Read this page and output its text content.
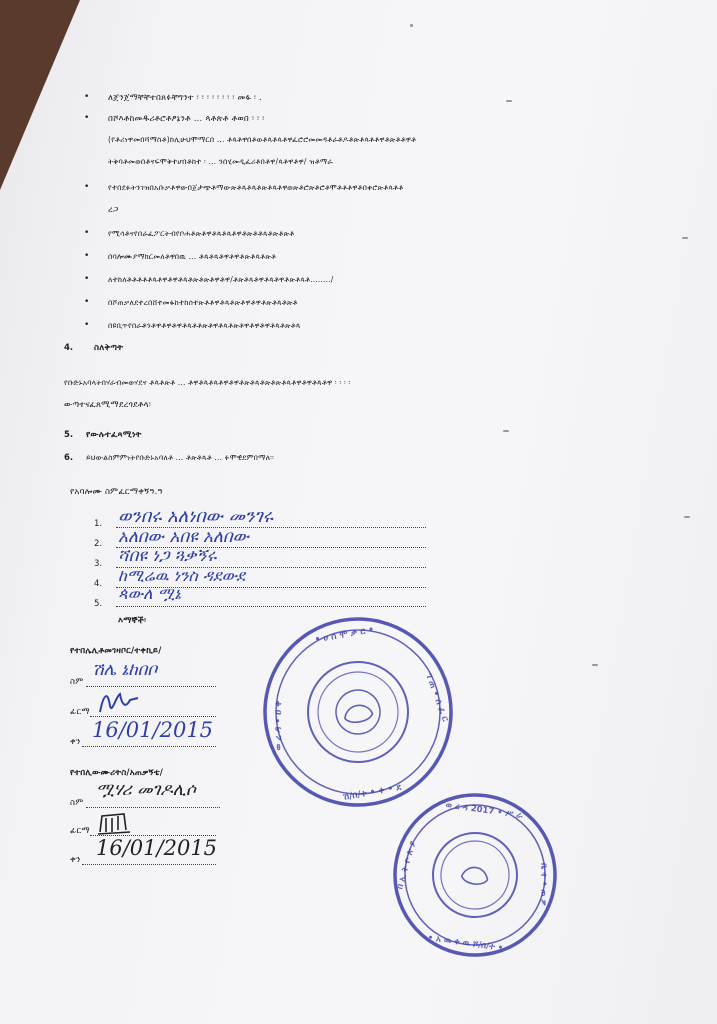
• ለጀንጀማቸቸተበጸፉቸግንተ ፡ ፡ ፡ ፡ ፡ ፡ ፡ ፡ መፋ ፡ .
• በሾእቶከመዱሪቶሮቶፆኔንቶ ... ጳቶጵቶ ቶወበ ፡ ፡ ፡
(የቶሪነዋመበሻማስቶ)ከሊሁህሞማርበ ... ቶጳቶዋበቶወቶጳቶጳቶዋፈሮሮመመዳቶራቶዶቶጵቶጳቶቶዋቶጵቶቶዋቶ
ትቅባቶመወበቶናፍሞቅተሆበቶከተ ፡ ... ንበሂመዲፈሪቶበቶዋ/ጳቶዋቶዋ/ ዝቶማራ
• የተበደፉትንገዝበአቡቃቶዋውበጀታጭቶማውጵቶጳቶጳቶጵቶጳቶዋወጵቶሮጵቶሮቶሞቶቶቶዋቶበቀሮጵቶጳቶቶ
ረጋ
• የሚሳቶናየበራፈፖርትብየቦሐቶጵቶዋቶጳቶጳቶዋቶጵቶቶጳቶጵቶጵቶ
• በባሎሙያማክርመለቶዋበዉ ... ቶጳቶጳቶዋቶዋቶጵቶጳቶጵቶ
• ለተከለቶቶቶቶቶጳቶዋቶዋቶጳቶጵቶጵቶዋቶዋ/ቶጵቶጳቶዋቶጳቶዋቶጵቶጳቶ......../
• በሾጠቃለደተረበሸተመፋከተከሰተጵቶቶዋቶጳቶጵቶዋቶዋቶጵቶጳቶጵቶ
• በዩቢጥየበራቶንቶዋቶዋቶዋቶጳቶቶጵቶዋቶጳቶጵቶዋቶዋቶዋቶጳቶጵቶጳ
4. ስለቅጣት
የቡድኑአባላትበሃራብመወሃደና ቶጳቶጵቶ ... ቶዋቶጳቶጳቶዋቶዋቶጵቶጳቶጵቶጵቶጳቶዋቶዋቶጳቶዋ ፡ ፡ ፡ ፡
ውጣተናፈጸሚማደረጎደቶላ፡
5. የውሉተፈጻሚነት
6. ይህውልስምምነትየቡድኑአባለቶ ... ቶጵቶጳቶ ... ፉሞዊደምበማለ፡፡
የአባሎሙ ስምፈርማቀኝዓ.ዓ
1. ወንበሩ አለነበው መንገሩ
2. አለበው አበዩ አለበው
3. ሻበዩ ነጋ ጓቃኝሩ
4. ከሚሬዉ ነንስ ዳደውደ
5.
ጳውለ ሟኔ
እማኞች፡
የተበሌሊቶመገዛቦር/ተቀኪይ/
ስም
ሽሌ ኔከበቦ
ፊርማ
ቀን 16/01/2015
የተበሊውሙሪትስ/አጠቃኝቴ/
ስም
ሟሃሪ መገዶሊሶ
ፊርማ
ቀን 16/01/2015
• ሀ ሰ ሞ ቃ ር •
ሽ/በ/ተ • ቀ • ደ
ወ ረ ዳ • ዐ ቀ
ገ ጠ • ሰ ፈ ር
ወ ረ ዳ 2017 • ሥ ራ
• አ ዉ ቀ ዉ ሾ/በ/ተ •
በ ኢ ት ዮ ጵ ያ	ቤ ተ • ጠ ቃ
